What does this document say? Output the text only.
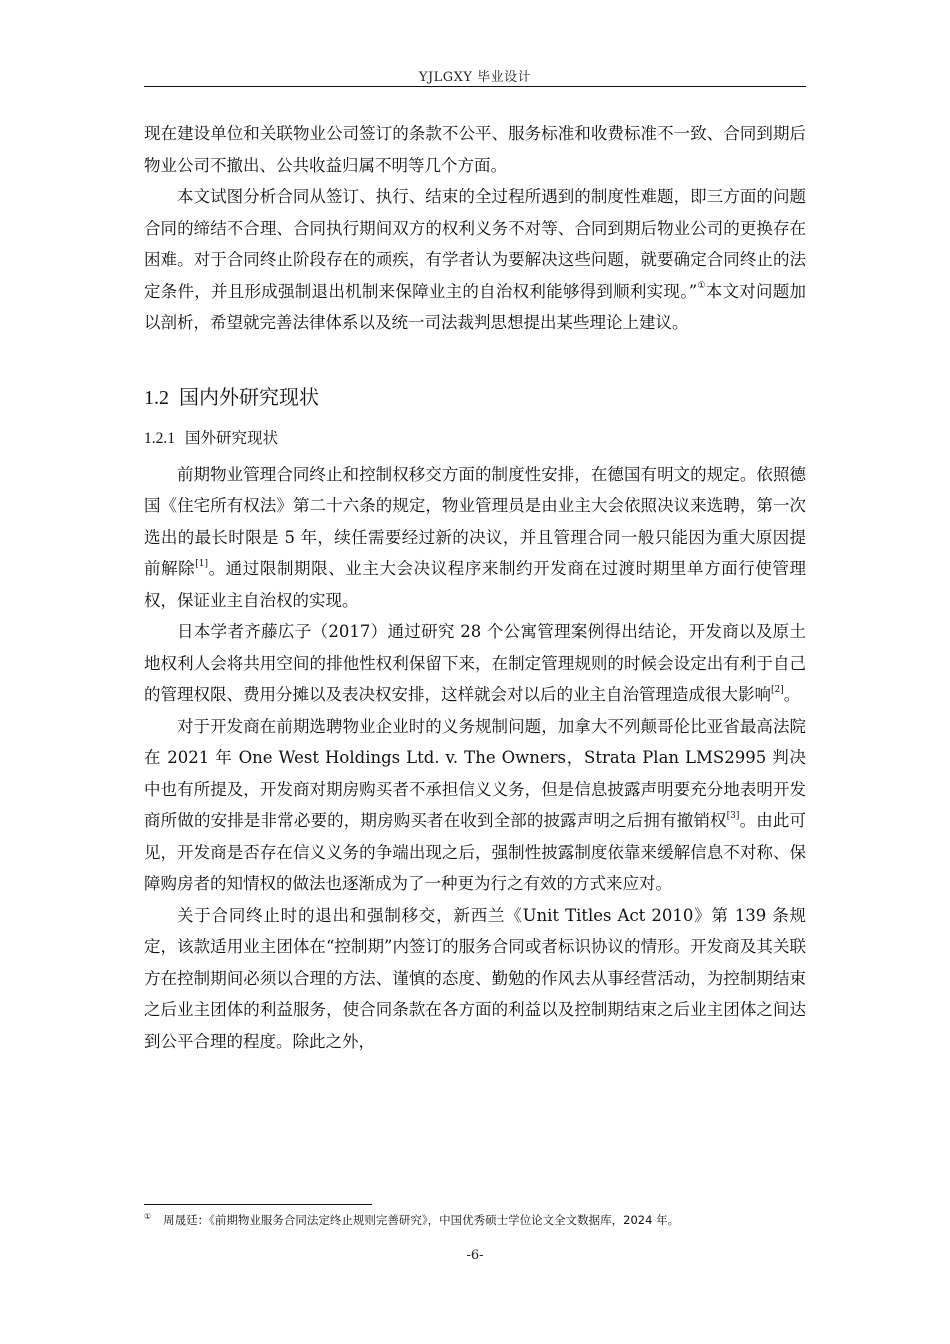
YJLGXY 毕业设计

现在建设单位和关联物业公司签订的条款不公平、服务标准和收费标准不一致、合同到期后物业公司不撤出、公共收益归属不明等几个方面。

本文试图分析合同从签订、执行、结束的全过程所遇到的制度性难题，即三方面的问题合同的缔结不合理、合同执行期间双方的权利义务不对等、合同到期后物业公司的更换存在困难。对于合同终止阶段存在的顽疾，有学者认为要解决这些问题，就要确定合同终止的法定条件，并且形成强制退出机制来保障业主的自治权利能够得到顺利实现。”①本文对问题加以剖析，希望就完善法律体系以及统一司法裁判思想提出某些理论上建议。

1.2 国内外研究现状
1.2.1 国外研究现状

前期物业管理合同终止和控制权移交方面的制度性安排，在德国有明文的规定。依照德国《住宅所有权法》第二十六条的规定，物业管理员是由业主大会依照决议来选聘，第一次选出的最长时限是 5 年，续任需要经过新的决议，并且管理合同一般只能因为重大原因提前解除[1]。通过限制期限、业主大会决议程序来制约开发商在过渡时期里单方面行使管理权，保证业主自治权的实现。

日本学者齐藤広子（2017）通过研究 28 个公寓管理案例得出结论，开发商以及原土地权利人会将共用空间的排他性权利保留下来，在制定管理规则的时候会设定出有利于自己的管理权限、费用分摊以及表决权安排，这样就会对以后的业主自治管理造成很大影响[2]。

对于开发商在前期选聘物业企业时的义务规制问题，加拿大不列颠哥伦比亚省最高法院在 2021 年 One West Holdings Ltd. v. The Owners，Strata Plan LMS2995 判决中也有所提及，开发商对期房购买者不承担信义义务，但是信息披露声明要充分地表明开发商所做的安排是非常必要的，期房购买者在收到全部的披露声明之后拥有撤销权[3]。由此可见，开发商是否存在信义义务的争端出现之后，强制性披露制度依靠来缓解信息不对称、保障购房者的知情权的做法也逐渐成为了一种更为行之有效的方式来应对。

关于合同终止时的退出和强制移交，新西兰《Unit Titles Act 2010》第 139 条规定，该款适用业主团体在“控制期”内签订的服务合同或者标识协议的情形。开发商及其关联方在控制期间必须以合理的方法、谨慎的态度、勤勉的作风去从事经营活动，为控制期结束之后业主团体的利益服务，使合同条款在各方面的利益以及控制期结束之后业主团体之间达到公平合理的程度。除此之外，

① 周晟廷：《前期物业服务合同法定终止规则完善研究》，中国优秀硕士学位论文全文数据库，2024 年。
-6-
